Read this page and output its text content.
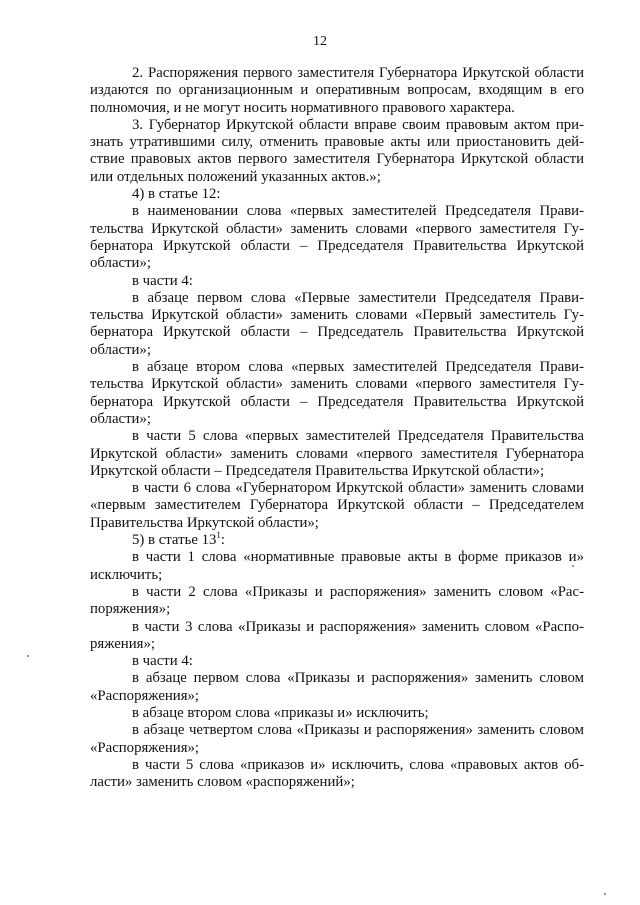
12

2. Распоряжения первого заместителя Губернатора Иркутской области издаются по организационным и оперативным вопросам, входящим в его полномочия, и не могут носить нормативного правового характера.

3. Губернатор Иркутской области вправе своим правовым актом признать утратившими силу, отменить правовые акты или приостановить действие правовых актов первого заместителя Губернатора Иркутской области или отдельных положений указанных актов.»;

4) в статье 12:

в наименовании слова «первых заместителей Председателя Правительства Иркутской области» заменить словами «первого заместителя Губернатора Иркутской области – Председателя Правительства Иркутской области»;

в части 4:

в абзаце первом слова «Первые заместители Председателя Правительства Иркутской области» заменить словами «Первый заместитель Губернатора Иркутской области – Председатель Правительства Иркутской области»;

в абзаце втором слова «первых заместителей Председателя Правительства Иркутской области» заменить словами «первого заместителя Губернатора Иркутской области – Председателя Правительства Иркутской области»;

в части 5 слова «первых заместителей Председателя Правительства Иркутской области» заменить словами «первого заместителя Губернатора Иркутской области – Председателя Правительства Иркутской области»;

в части 6 слова «Губернатором Иркутской области» заменить словами «первым заместителем Губернатора Иркутской области – Председателем Правительства Иркутской области»;

5) в статье $13^1$:

в части 1 слова «нормативные правовые акты в форме приказов и» исключить;

в части 2 слова «Приказы и распоряжения» заменить словом «Распоряжения»;

в части 3 слова «Приказы и распоряжения» заменить словом «Распоряжения»;

в части 4:

в абзаце первом слова «Приказы и распоряжения» заменить словом «Распоряжения»;

в абзаце втором слова «приказы и» исключить;

в абзаце четвертом слова «Приказы и распоряжения» заменить словом «Распоряжения»;

в части 5 слова «приказов и» исключить, слова «правовых актов области» заменить словом «распоряжений»;
